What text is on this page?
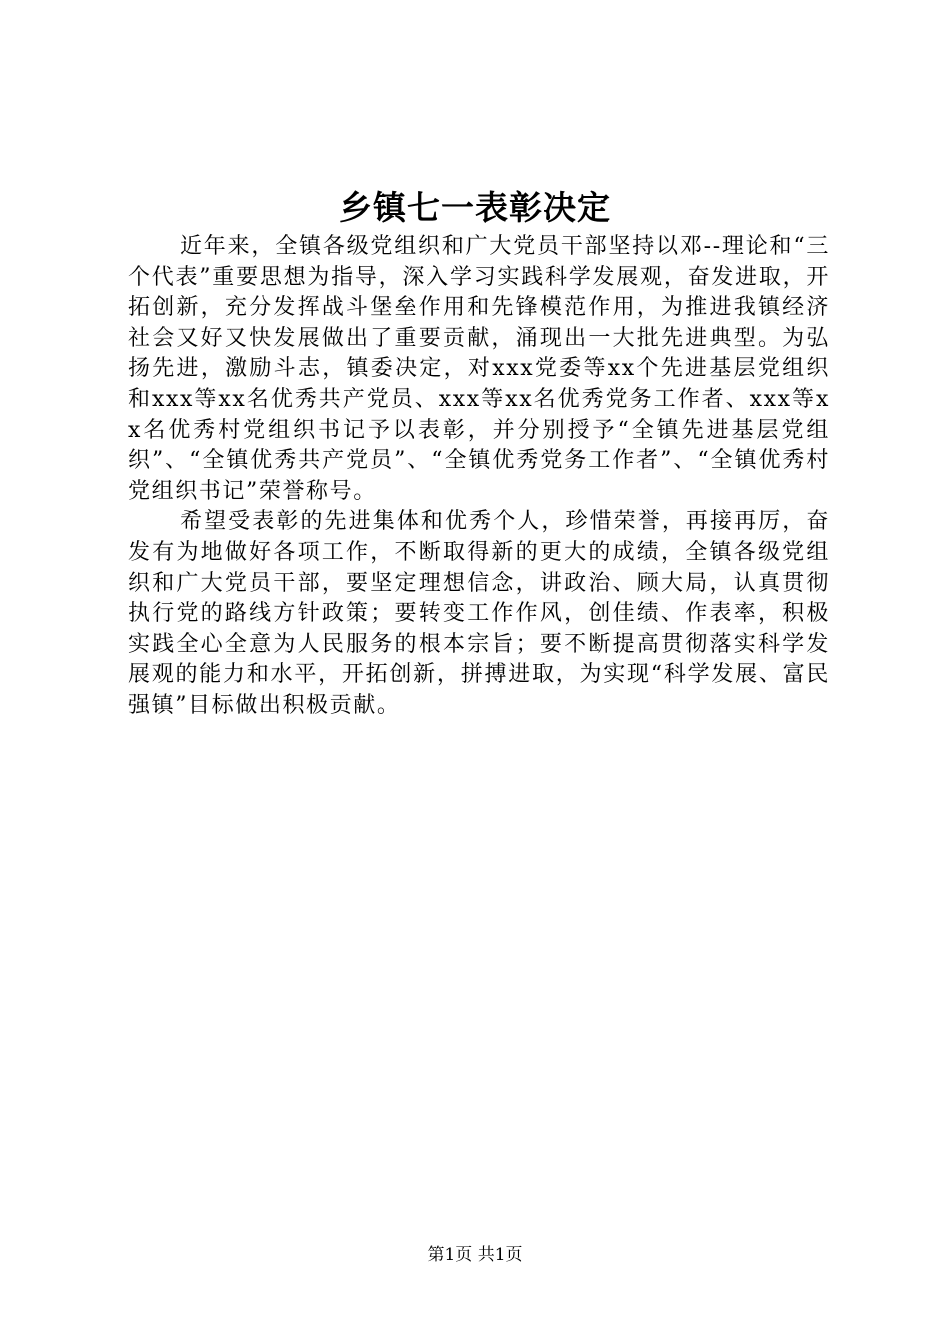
乡镇七一表彰决定

近年来，全镇各级党组织和广大党员干部坚持以邓--理论和“三个代表”重要思想为指导，深入学习实践科学发展观，奋发进取，开拓创新，充分发挥战斗堡垒作用和先锋模范作用，为推进我镇经济社会又好又快发展做出了重要贡献，涌现出一大批先进典型。为弘扬先进，激励斗志，镇委决定，对xxx党委等xx个先进基层党组织和xxx等xx名优秀共产党员、xxx等xx名优秀党务工作者、xxx等xx名优秀村党组织书记予以表彰，并分别授予“全镇先进基层党组织”、“全镇优秀共产党员”、“全镇优秀党务工作者”、“全镇优秀村党组织书记”荣誉称号。

希望受表彰的先进集体和优秀个人，珍惜荣誉，再接再厉，奋发有为地做好各项工作，不断取得新的更大的成绩，全镇各级党组织和广大党员干部，要坚定理想信念，讲政治、顾大局，认真贯彻执行党的路线方针政策；要转变工作作风，创佳绩、作表率，积极实践全心全意为人民服务的根本宗旨；要不断提高贯彻落实科学发展观的能力和水平，开拓创新，拼搏进取，为实现“科学发展、富民强镇”目标做出积极贡献。

第1页 共1页
